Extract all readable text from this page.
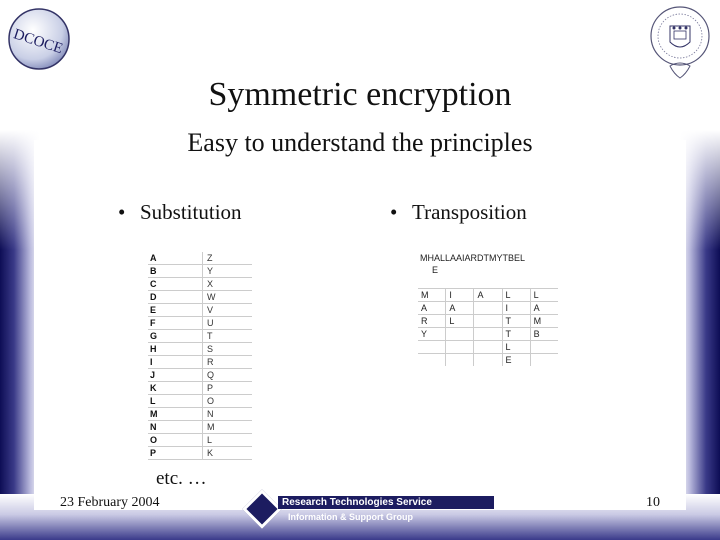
DCOCE
Symmetric encryption
Easy to understand the principles
• Substitution	• Transposition
A	Z
B	Y
C	X
D	W
E	V
F	U
G	T
H	S
I	R
J	Q
K	P
L	O
M	N
N	M
O	L
P	K
MHALLAAIARDTMYTBEL
E
M	I	A	L	L
A	A		I	A
R	L		T	M
Y			T	B
			L	
			E	
etc. …
23 February 2004	10
Research Technologies Service
Information & Support Group
